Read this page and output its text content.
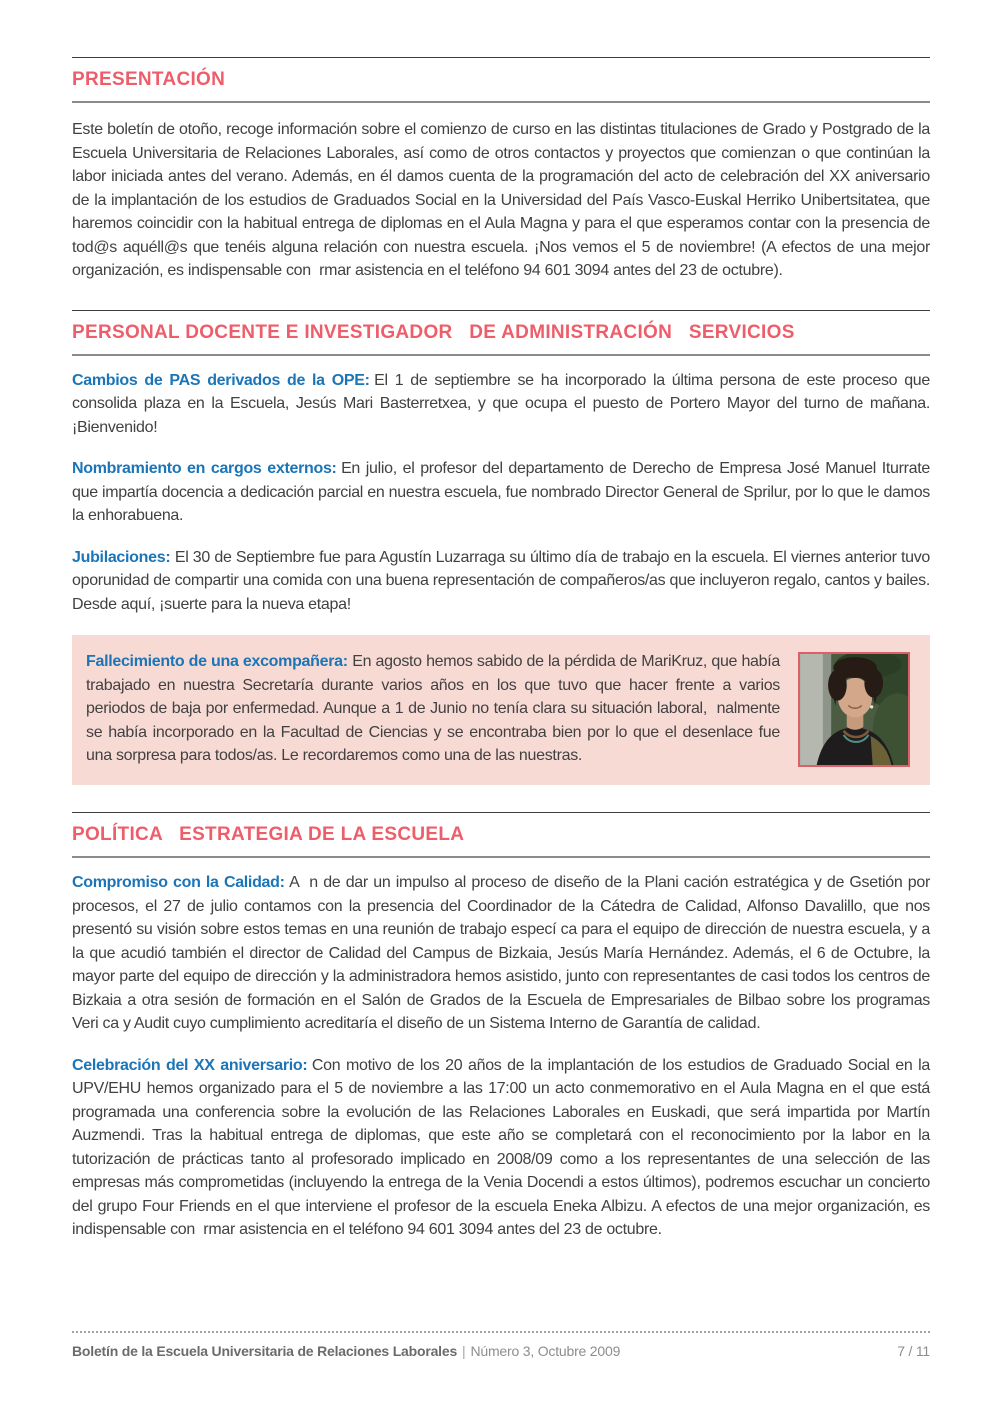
PRESENTACIÓN

Este boletín de otoño, recoge información sobre el comienzo de curso en las distintas titulaciones de Grado y Postgrado de la Escuela Universitaria de Relaciones Laborales, así como de otros contactos y proyectos que comienzan o que continúan la labor iniciada antes del verano. Además, en él damos cuenta de la programación del acto de celebración del XX aniversario de la implantación de los estudios de Graduados Social en la Universidad del País Vasco-Euskal Herriko Unibertsitatea, que haremos coincidir con la habitual entrega de diplomas en el Aula Magna y para el que esperamos contar con la presencia de tod@s aquéll@s que tenéis alguna relación con nuestra escuela. ¡Nos vemos el 5 de noviembre! (A efectos de una mejor organización, es indispensable con  rmar asistencia en el teléfono 94 601 3094 antes del 23 de octubre).

PERSONAL DOCENTE E INVESTIGADOR   DE ADMINISTRACIÓN   SERVICIOS

Cambios de PAS derivados de la OPE: El 1 de septiembre se ha incorporado la última persona de este proceso que consolida plaza en la Escuela, Jesús Mari Basterretxea, y que ocupa el puesto de Portero Mayor del turno de mañana. ¡Bienvenido!

Nombramiento en cargos externos: En julio, el profesor del departamento de Derecho de Empresa José Manuel Iturrate que impartía docencia a dedicación parcial en nuestra escuela, fue nombrado Director General de Sprilur, por lo que le damos la enhorabuena.

Jubilaciones: El 30 de Septiembre fue para Agustín Luzarraga su último día de trabajo en la escuela. El viernes anterior tuvo oporunidad de compartir una comida con una buena representación de compañeros/as que incluyeron regalo, cantos y bailes. Desde aquí, ¡suerte para la nueva etapa!

Fallecimiento de una excompañera: En agosto hemos sabido de la pérdida de MariKruz, que había trabajado en nuestra Secretaría durante varios años en los que tuvo que hacer frente a varios periodos de baja por enfermedad. Aunque a 1 de Junio no tenía clara su situación laboral,  nalmente se había incorporado en la Facultad de Ciencias y se encontraba bien por lo que el desenlace fue una sorpresa para todos/as. Le recordaremos como una de las nuestras.

POLÍTICA   ESTRATEGIA DE LA ESCUELA

Compromiso con la Calidad: A  n de dar un impulso al proceso de diseño de la Plani cación estratégica y de Gsetión por procesos, el 27 de julio contamos con la presencia del Coordinador de la Cátedra de Calidad, Alfonso Davalillo, que nos presentó su visión sobre estos temas en una reunión de trabajo especí ca para el equipo de dirección de nuestra escuela, y a la que acudió también el director de Calidad del Campus de Bizkaia, Jesús María Hernández. Además, el 6 de Octubre, la mayor parte del equipo de dirección y la administradora hemos asistido, junto con representantes de casi todos los centros de Bizkaia a otra sesión de formación en el Salón de Grados de la Escuela de Empresariales de Bilbao sobre los programas Veri ca y Audit cuyo cumplimiento acreditaría el diseño de un Sistema Interno de Garantía de calidad.

Celebración del XX aniversario: Con motivo de los 20 años de la implantación de los estudios de Graduado Social en la UPV/EHU hemos organizado para el 5 de noviembre a las 17:00 un acto conmemorativo en el Aula Magna en el que está programada una conferencia sobre la evolución de las Relaciones Laborales en Euskadi, que será impartida por Martín Auzmendi. Tras la habitual entrega de diplomas, que este año se completará con el reconocimiento por la labor en la tutorización de prácticas tanto al profesorado implicado en 2008/09 como a los representantes de una selección de las empresas más comprometidas (incluyendo la entrega de la Venia Docendi a estos últimos), podremos escuchar un concierto del grupo Four Friends en el que interviene el profesor de la escuela Eneka Albizu. A efectos de una mejor organización, es indispensable con  rmar asistencia en el teléfono 94 601 3094 antes del 23 de octubre.

Boletín de la Escuela Universitaria de Relaciones Laborales | Número 3, Octubre 2009	7 / 11
